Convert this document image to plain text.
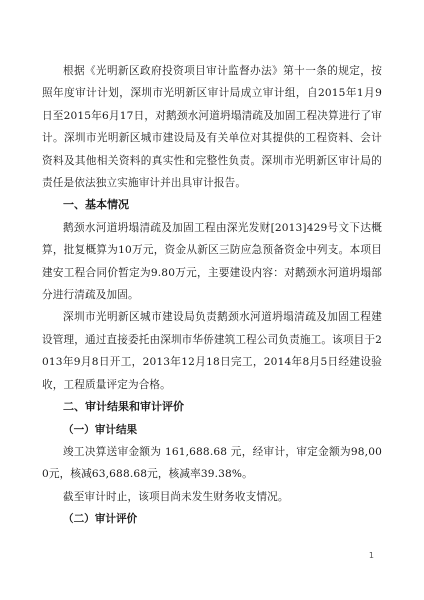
根据《光明新区政府投资项目审计监督办法》第十一条的规定，按照年度审计计划，深圳市光明新区审计局成立审计组，自2015年1月9日至2015年6月17日，对鹅颈水河道坍塌清疏及加固工程决算进行了审计。深圳市光明新区城市建设局及有关单位对其提供的工程资料、会计资料及其他相关资料的真实性和完整性负责。深圳市光明新区审计局的责任是依法独立实施审计并出具审计报告。

一、基本情况

鹅颈水河道坍塌清疏及加固工程由深光发财[2013]429号文下达概算，批复概算为10万元，资金从新区三防应急预备资金中列支。本项目建安工程合同价暂定为9.80万元，主要建设内容：对鹅颈水河道坍塌部分进行清疏及加固。

深圳市光明新区城市建设局负责鹅颈水河道坍塌清疏及加固工程建设管理，通过直接委托由深圳市华侨建筑工程公司负责施工。该项目于2013年9月8日开工，2013年12月18日完工，2014年8月5日经建设验收，工程质量评定为合格。

二、审计结果和审计评价

（一）审计结果

竣工决算送审金额为 161,688.68 元，经审计，审定金额为98,000元，核减63,688.68元，核减率39.38%。

截至审计时止，该项目尚未发生财务收支情况。

（二）审计评价

1
